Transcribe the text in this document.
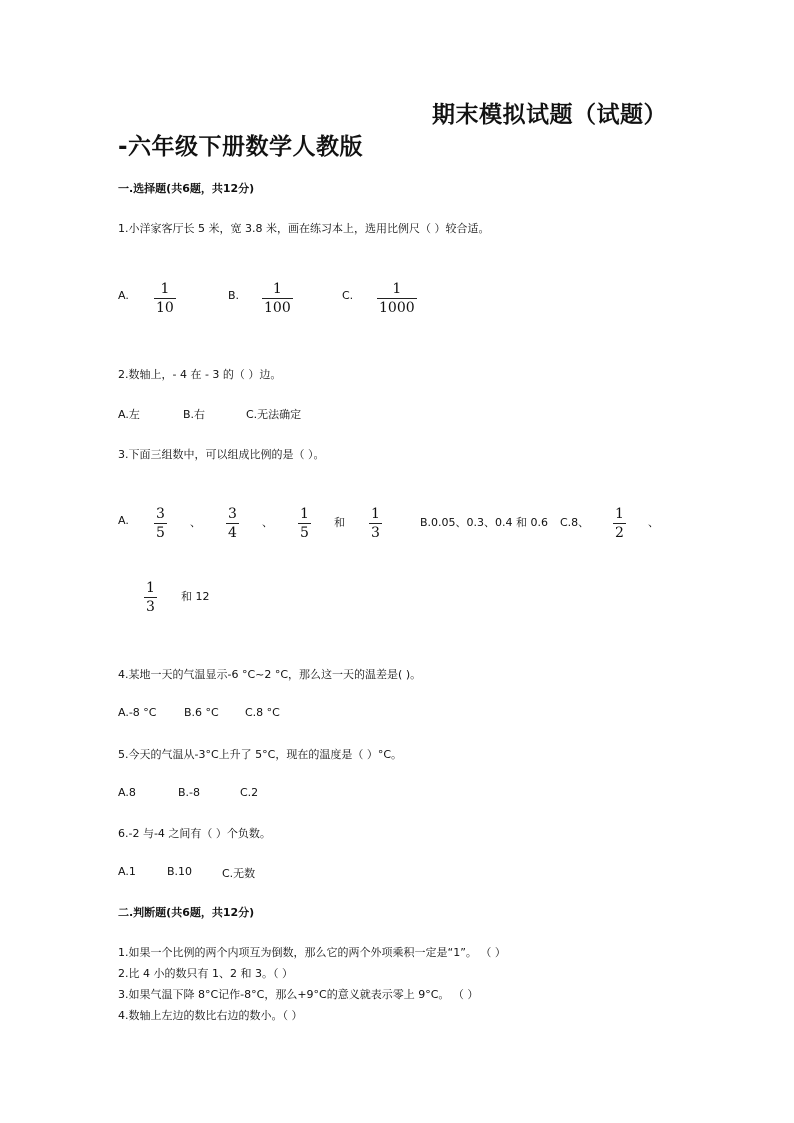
期末模拟试题（试题）
-六年级下册数学人教版
一.选择题(共6题，共12分)
1.小洋家客厅长 5 米，宽 3.8 米，画在练习本上，选用比例尺（ ）较合适。
A. 1
10
B. 1
100
C.	1
1000
2.数轴上，- 4 在 - 3 的（ ）边。
A.左	B.右	C.无法确定
3.下面三组数中，可以组成比例的是（ ）。
A. 3
5
、
3
4
、
1
5
和
1
3
B.0.05、0.3、0.4 和 0.6 C.8、
1
2
、
1
3
和 12
4.某地一天的气温显示-6 °C~2 °C，那么这一天的温差是( )。
A.-8 °C	B.6 °C C.8 °C
5.今天的气温从-3°C上升了 5°C，现在的温度是（ ）°C。
A.8	B.-8	C.2
6.-2 与-4 之间有（ ）个负数。
A.1	B.10	C.无数
二.判断题(共6题，共12分)
1.如果一个比例的两个内项互为倒数，那么它的两个外项乘积一定是“1”。 （ ）
2.比 4 小的数只有 1、2 和 3。（ ）
3.如果气温下降 8°C记作-8°C，那么+9°C的意义就表示零上 9°C。 （ ）
4.数轴上左边的数比右边的数小。（ ）
